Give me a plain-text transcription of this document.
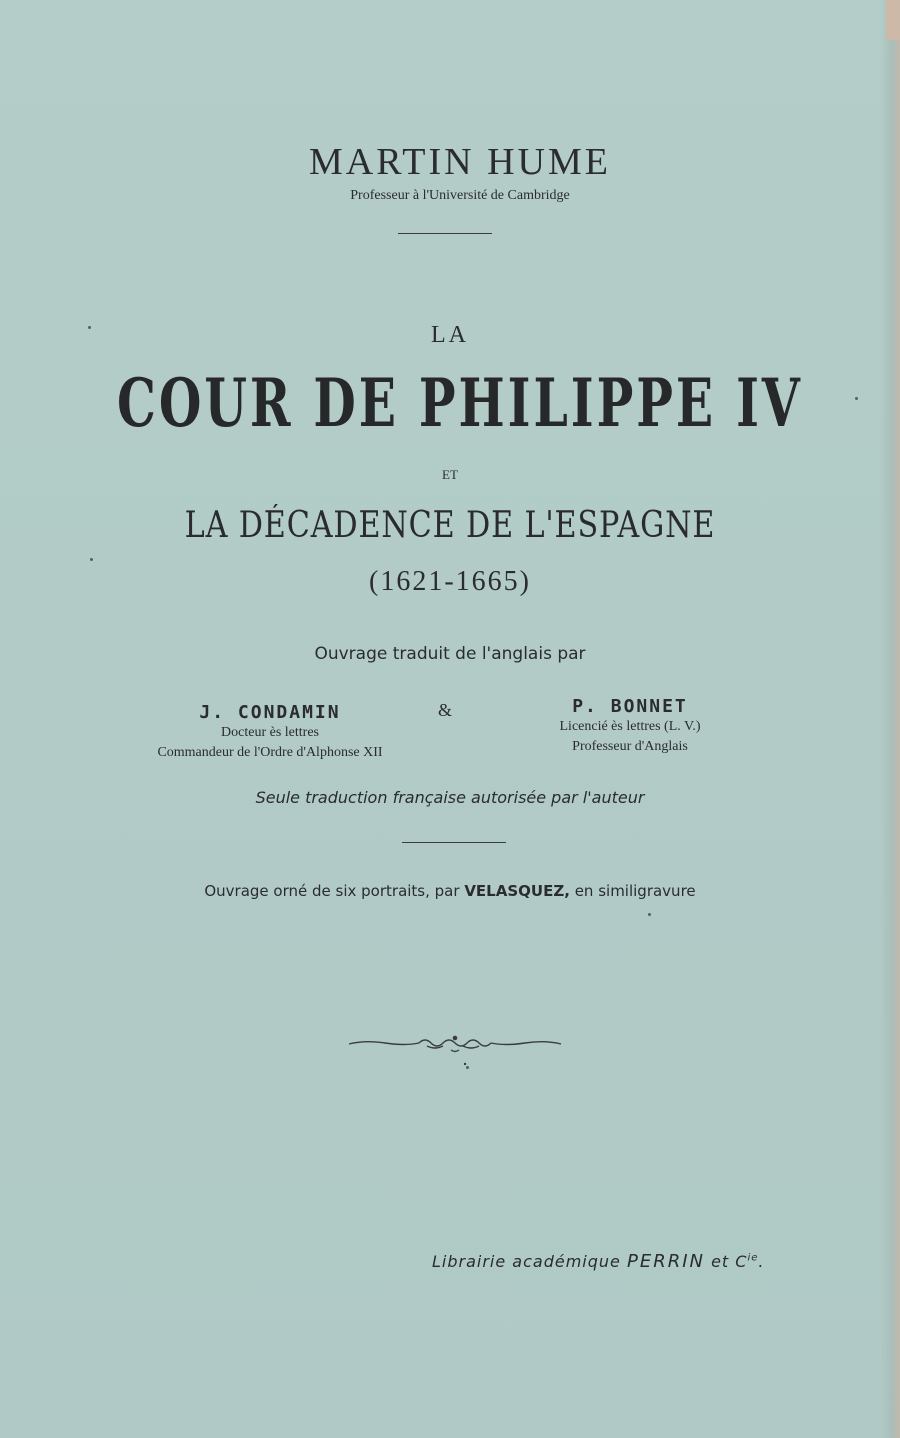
MARTIN HUME
Professeur à l'Université de Cambridge
LA
COUR DE PHILIPPE IV
ET
LA DÉCADENCE DE L'ESPAGNE
(1621-1665)
Ouvrage traduit de l'anglais par
J. CONDAMIN
Docteur ès lettres
Commandeur de l'Ordre d'Alphonse XII
&	P. BONNET
Licencié ès lettres (L. V.)
Professeur d'Anglais
Seule traduction française autorisée par l'auteur
Ouvrage orné de six portraits, par VELASQUEZ, en similigravure
Librairie académique PERRIN et $C^{ie}$.
